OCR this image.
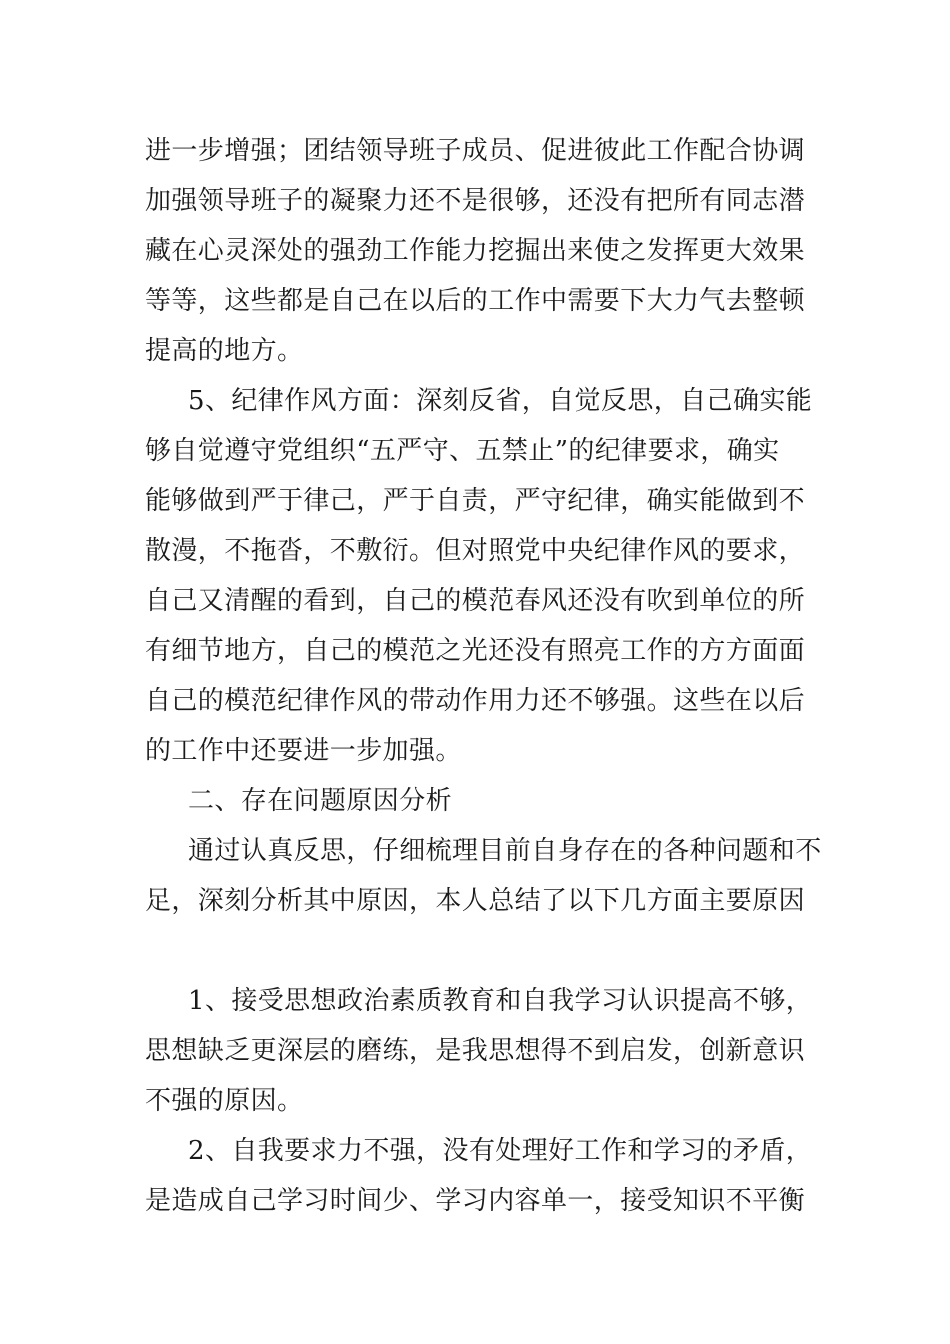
进一步增强；团结领导班子成员、促进彼此工作配合协调
加强领导班子的凝聚力还不是很够，还没有把所有同志潜
藏在心灵深处的强劲工作能力挖掘出来使之发挥更大效果
等等，这些都是自己在以后的工作中需要下大力气去整顿
提高的地方。
5、纪律作风方面：深刻反省，自觉反思，自己确实能
够自觉遵守党组织“五严守、五禁止”的纪律要求，确实
能够做到严于律己，严于自责，严守纪律，确实能做到不
散漫，不拖沓，不敷衍。但对照党中央纪律作风的要求，
自己又清醒的看到，自己的模范春风还没有吹到单位的所
有细节地方，自己的模范之光还没有照亮工作的方方面面
自己的模范纪律作风的带动作用力还不够强。这些在以后
的工作中还要进一步加强。
二、存在问题原因分析
通过认真反思，仔细梳理目前自身存在的各种问题和不
足，深刻分析其中原因，本人总结了以下几方面主要原因
1、接受思想政治素质教育和自我学习认识提高不够，
思想缺乏更深层的磨练，是我思想得不到启发，创新意识
不强的原因。
2、自我要求力不强，没有处理好工作和学习的矛盾，
是造成自己学习时间少、学习内容单一，接受知识不平衡
